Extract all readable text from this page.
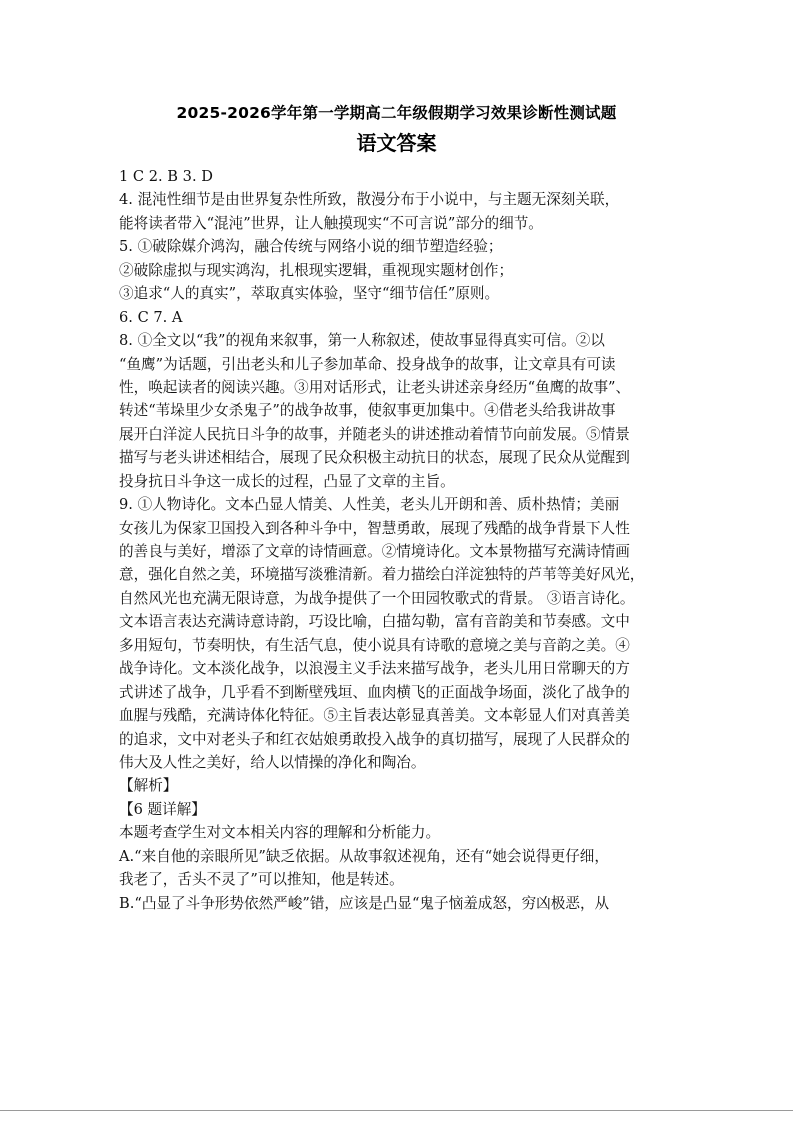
2025-2026学年第一学期高二年级假期学习效果诊断性测试题
语文答案
1 C 2. B 3. D
4. 混沌性细节是由世界复杂性所致，散漫分布于小说中，与主题无深刻关联，
能将读者带入“混沌”世界，让人触摸现实“不可言说”部分的细节。
5. ①破除媒介鸿沟，融合传统与网络小说的细节塑造经验；
②破除虚拟与现实鸿沟，扎根现实逻辑，重视现实题材创作；
③追求“人的真实”，萃取真实体验，坚守“细节信任”原则。
6. C 7. A
8. ①全文以“我”的视角来叙事，第一人称叙述，使故事显得真实可信。②以
“鱼鹰”为话题，引出老头和儿子参加革命、投身战争的故事，让文章具有可读
性，唤起读者的阅读兴趣。③用对话形式，让老头讲述亲身经历“鱼鹰的故事”、
转述“苇垛里少女杀鬼子”的战争故事，使叙事更加集中。④借老头给我讲故事
展开白洋淀人民抗日斗争的故事，并随老头的讲述推动着情节向前发展。⑤情景
描写与老头讲述相结合，展现了民众积极主动抗日的状态，展现了民众从觉醒到
投身抗日斗争这一成长的过程，凸显了文章的主旨。
9. ①人物诗化。文本凸显人情美、人性美，老头儿开朗和善、质朴热情；美丽
女孩儿为保家卫国投入到各种斗争中，智慧勇敢，展现了残酷的战争背景下人性
的善良与美好，增添了文章的诗情画意。②情境诗化。文本景物描写充满诗情画
意，强化自然之美，环境描写淡雅清新。着力描绘白洋淀独特的芦苇等美好风光，
自然风光也充满无限诗意，为战争提供了一个田园牧歌式的背景。 ③语言诗化。
文本语言表达充满诗意诗韵，巧设比喻，白描勾勒，富有音韵美和节奏感。文中
多用短句，节奏明快，有生活气息，使小说具有诗歌的意境之美与音韵之美。④
战争诗化。文本淡化战争，以浪漫主义手法来描写战争，老头儿用日常聊天的方
式讲述了战争，几乎看不到断壁残垣、血肉横飞的正面战争场面，淡化了战争的
血腥与残酷，充满诗体化特征。⑤主旨表达彰显真善美。文本彰显人们对真善美
的追求，文中对老头子和红衣姑娘勇敢投入战争的真切描写，展现了人民群众的
伟大及人性之美好，给人以情操的净化和陶冶。
【解析】
【6 题详解】
本题考查学生对文本相关内容的理解和分析能力。
A.“来自他的亲眼所见”缺乏依据。从故事叙述视角，还有“她会说得更仔细，
我老了，舌头不灵了”可以推知，他是转述。
B.“凸显了斗争形势依然严峻”错，应该是凸显“鬼子恼羞成怒，穷凶极恶，从
